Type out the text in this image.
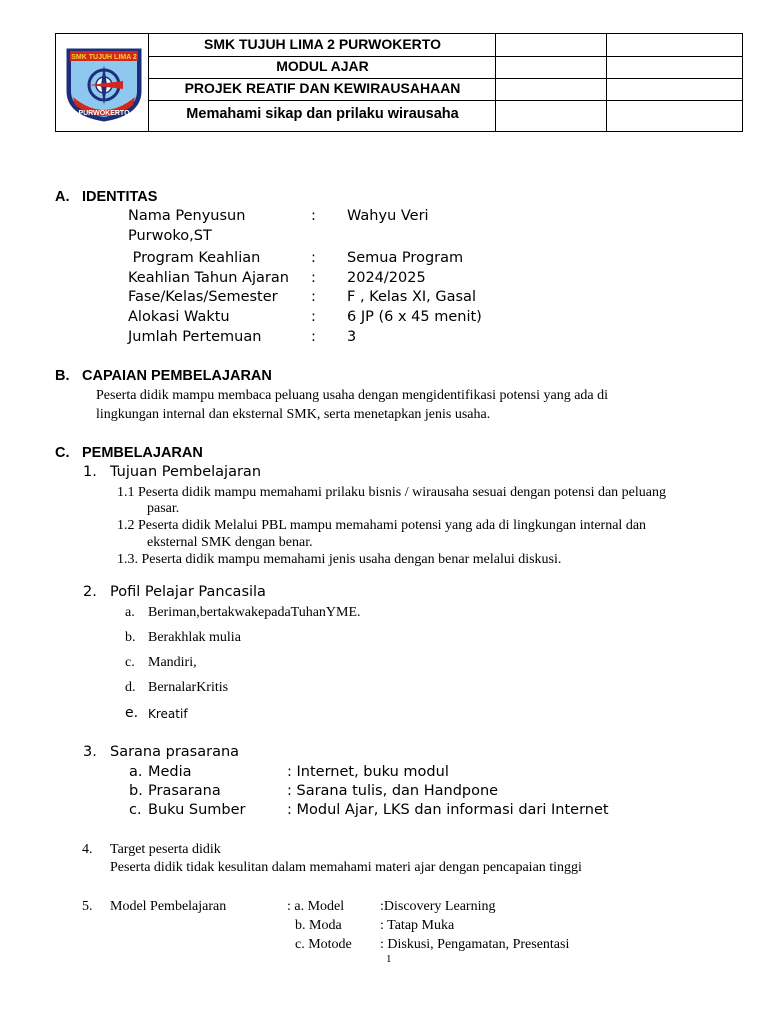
SMK TUJUH LIMA 2
PURWOKERTO
SMK TUJUH LIMA 2 PURWOKERTO
MODUL AJAR
PROJEK REATIF DAN KEWIRAUSAHAAN
Memahami sikap dan prilaku wirausaha
A. IDENTITAS
Nama Penyusun	: Wahyu Veri
Purwoko,ST
Program Keahlian	: Semua Program
Keahlian Tahun Ajaran : 2024/2025
Fase/Kelas/Semester : F , Kelas XI, Gasal
Alokasi Waktu	: 6 JP (6 x 45 menit)
Jumlah Pertemuan	: 3
B. CAPAIAN PEMBELAJARAN
Peserta didik mampu membaca peluang usaha dengan mengidentifikasi potensi yang ada di
lingkungan internal dan eksternal SMK, serta menetapkan jenis usaha.
C. PEMBELAJARAN
1. Tujuan Pembelajaran
1.1 Peserta didik mampu memahami prilaku bisnis / wirausaha sesuai dengan potensi dan peluang
pasar.
1.2 Peserta didik Melalui PBL mampu memahami potensi yang ada di lingkungan internal dan
eksternal SMK dengan benar.
1.3. Peserta didik mampu memahami jenis usaha dengan benar melalui diskusi.
2. Pofil Pelajar Pancasila
a. Beriman,bertakwakepadaTuhanYME.
b. Berakhlak mulia
c. Mandiri,
d. BernalarKritis
e. Kreatif
3. Sarana prasarana
a. Media	: Internet, buku modul
b. Prasarana	: Sarana tulis, dan Handpone
c. Buku Sumber	: Modul Ajar, LKS dan informasi dari Internet
4. Target peserta didik
Peserta didik tidak kesulitan dalam memahami materi ajar dengan pencapaian tinggi
5. Model Pembelajaran	: a. Model	:Discovery Learning
b. Moda	: Tatap Muka
c. Motode : Diskusi, Pengamatan, Presentasi
1
